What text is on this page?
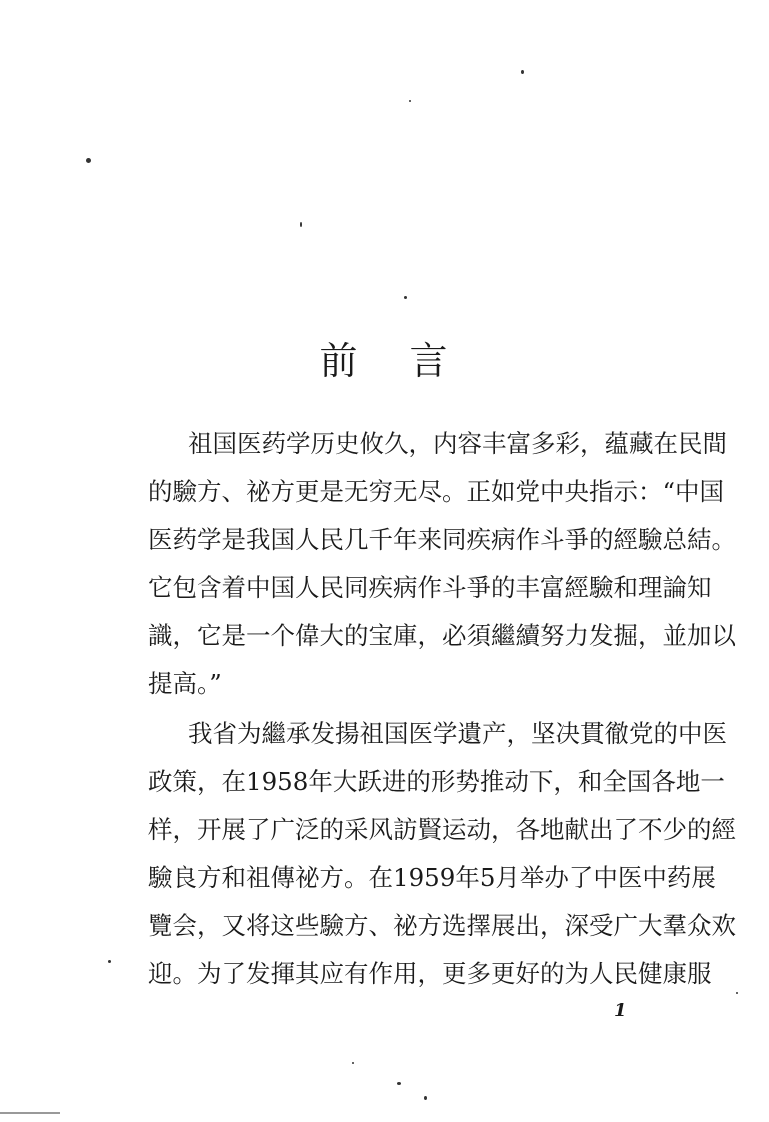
前 言
祖国医药学历史攸久，内容丰富多彩，蕴藏在民間
的驗方、祕方更是无穷无尽。正如党中央指示：“中国
医药学是我国人民几千年来同疾病作斗爭的經驗总結。
它包含着中国人民同疾病作斗爭的丰富經驗和理論知
識，它是一个偉大的宝庫，必須繼續努力发掘，並加以
提高。”
我省为繼承发揚祖国医学遺产，坚决貫徹党的中医
政策，在1958年大跃进的形势推动下，和全国各地一
样，开展了广泛的采风訪賢运动，各地献出了不少的經
驗良方和祖傳祕方。在1959年5月举办了中医中药展
覽会，又将这些驗方、祕方选擇展出，深受广大羣众欢
迎。为了发揮其应有作用，更多更好的为人民健康服
1
